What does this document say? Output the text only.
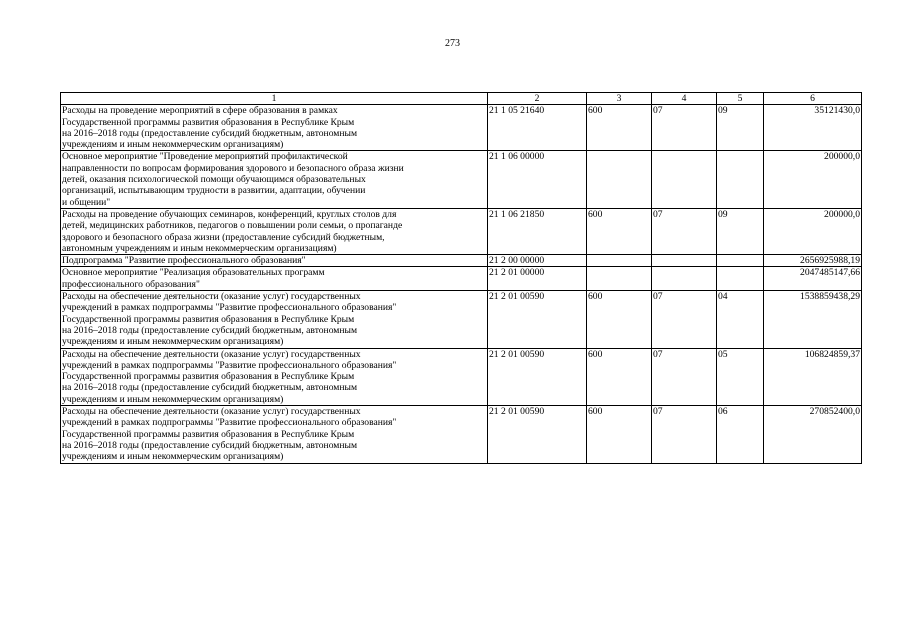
273
1	2	3	4	5	6

Расходы на проведение мероприятий в сфере образования в рамках
Государственной программы развития образования в Республике Крым
на 2016–2018 годы (предоставление субсидий бюджетным, автономным
учреждениям и иным некоммерческим организациям)	21 1 05 21640	600	07	09	35121430,0

Основное мероприятие "Проведение мероприятий профилактической
направленности по вопросам формирования здорового и безопасного образа жизни
детей, оказания психологической помощи обучающимся образовательных
организаций, испытывающим трудности в развитии, адаптации, обучении
и общении"	21 1 06 00000				200000,0

Расходы на проведение обучающих семинаров, конференций, круглых столов для
детей, медицинских работников, педагогов о повышении роли семьи, о пропаганде
здорового и безопасного образа жизни (предоставление субсидий бюджетным,
автономным учреждениям и иным некоммерческим организациям)	21 1 06 21850	600	07	09	200000,0

Подпрограмма "Развитие профессионального образования"	21 2 00 00000				2656925988,19

Основное мероприятие "Реализация образовательных программ
профессионального образования"	21 2 01 00000				2047485147,66

Расходы на обеспечение деятельности (оказание услуг) государственных
учреждений в рамках подпрограммы "Развитие профессионального образования"
Государственной программы развития образования в Республике Крым
на 2016–2018 годы (предоставление субсидий бюджетным, автономным
учреждениям и иным некоммерческим организациям)	21 2 01 00590	600	07	04	1538859438,29

Расходы на обеспечение деятельности (оказание услуг) государственных
учреждений в рамках подпрограммы "Развитие профессионального образования"
Государственной программы развития образования в Республике Крым
на 2016–2018 годы (предоставление субсидий бюджетным, автономным
учреждениям и иным некоммерческим организациям)	21 2 01 00590	600	07	05	106824859,37

Расходы на обеспечение деятельности (оказание услуг) государственных
учреждений в рамках подпрограммы "Развитие профессионального образования"
Государственной программы развития образования в Республике Крым
на 2016–2018 годы (предоставление субсидий бюджетным, автономным
учреждениям и иным некоммерческим организациям)	21 2 01 00590	600	07	06	270852400,0
